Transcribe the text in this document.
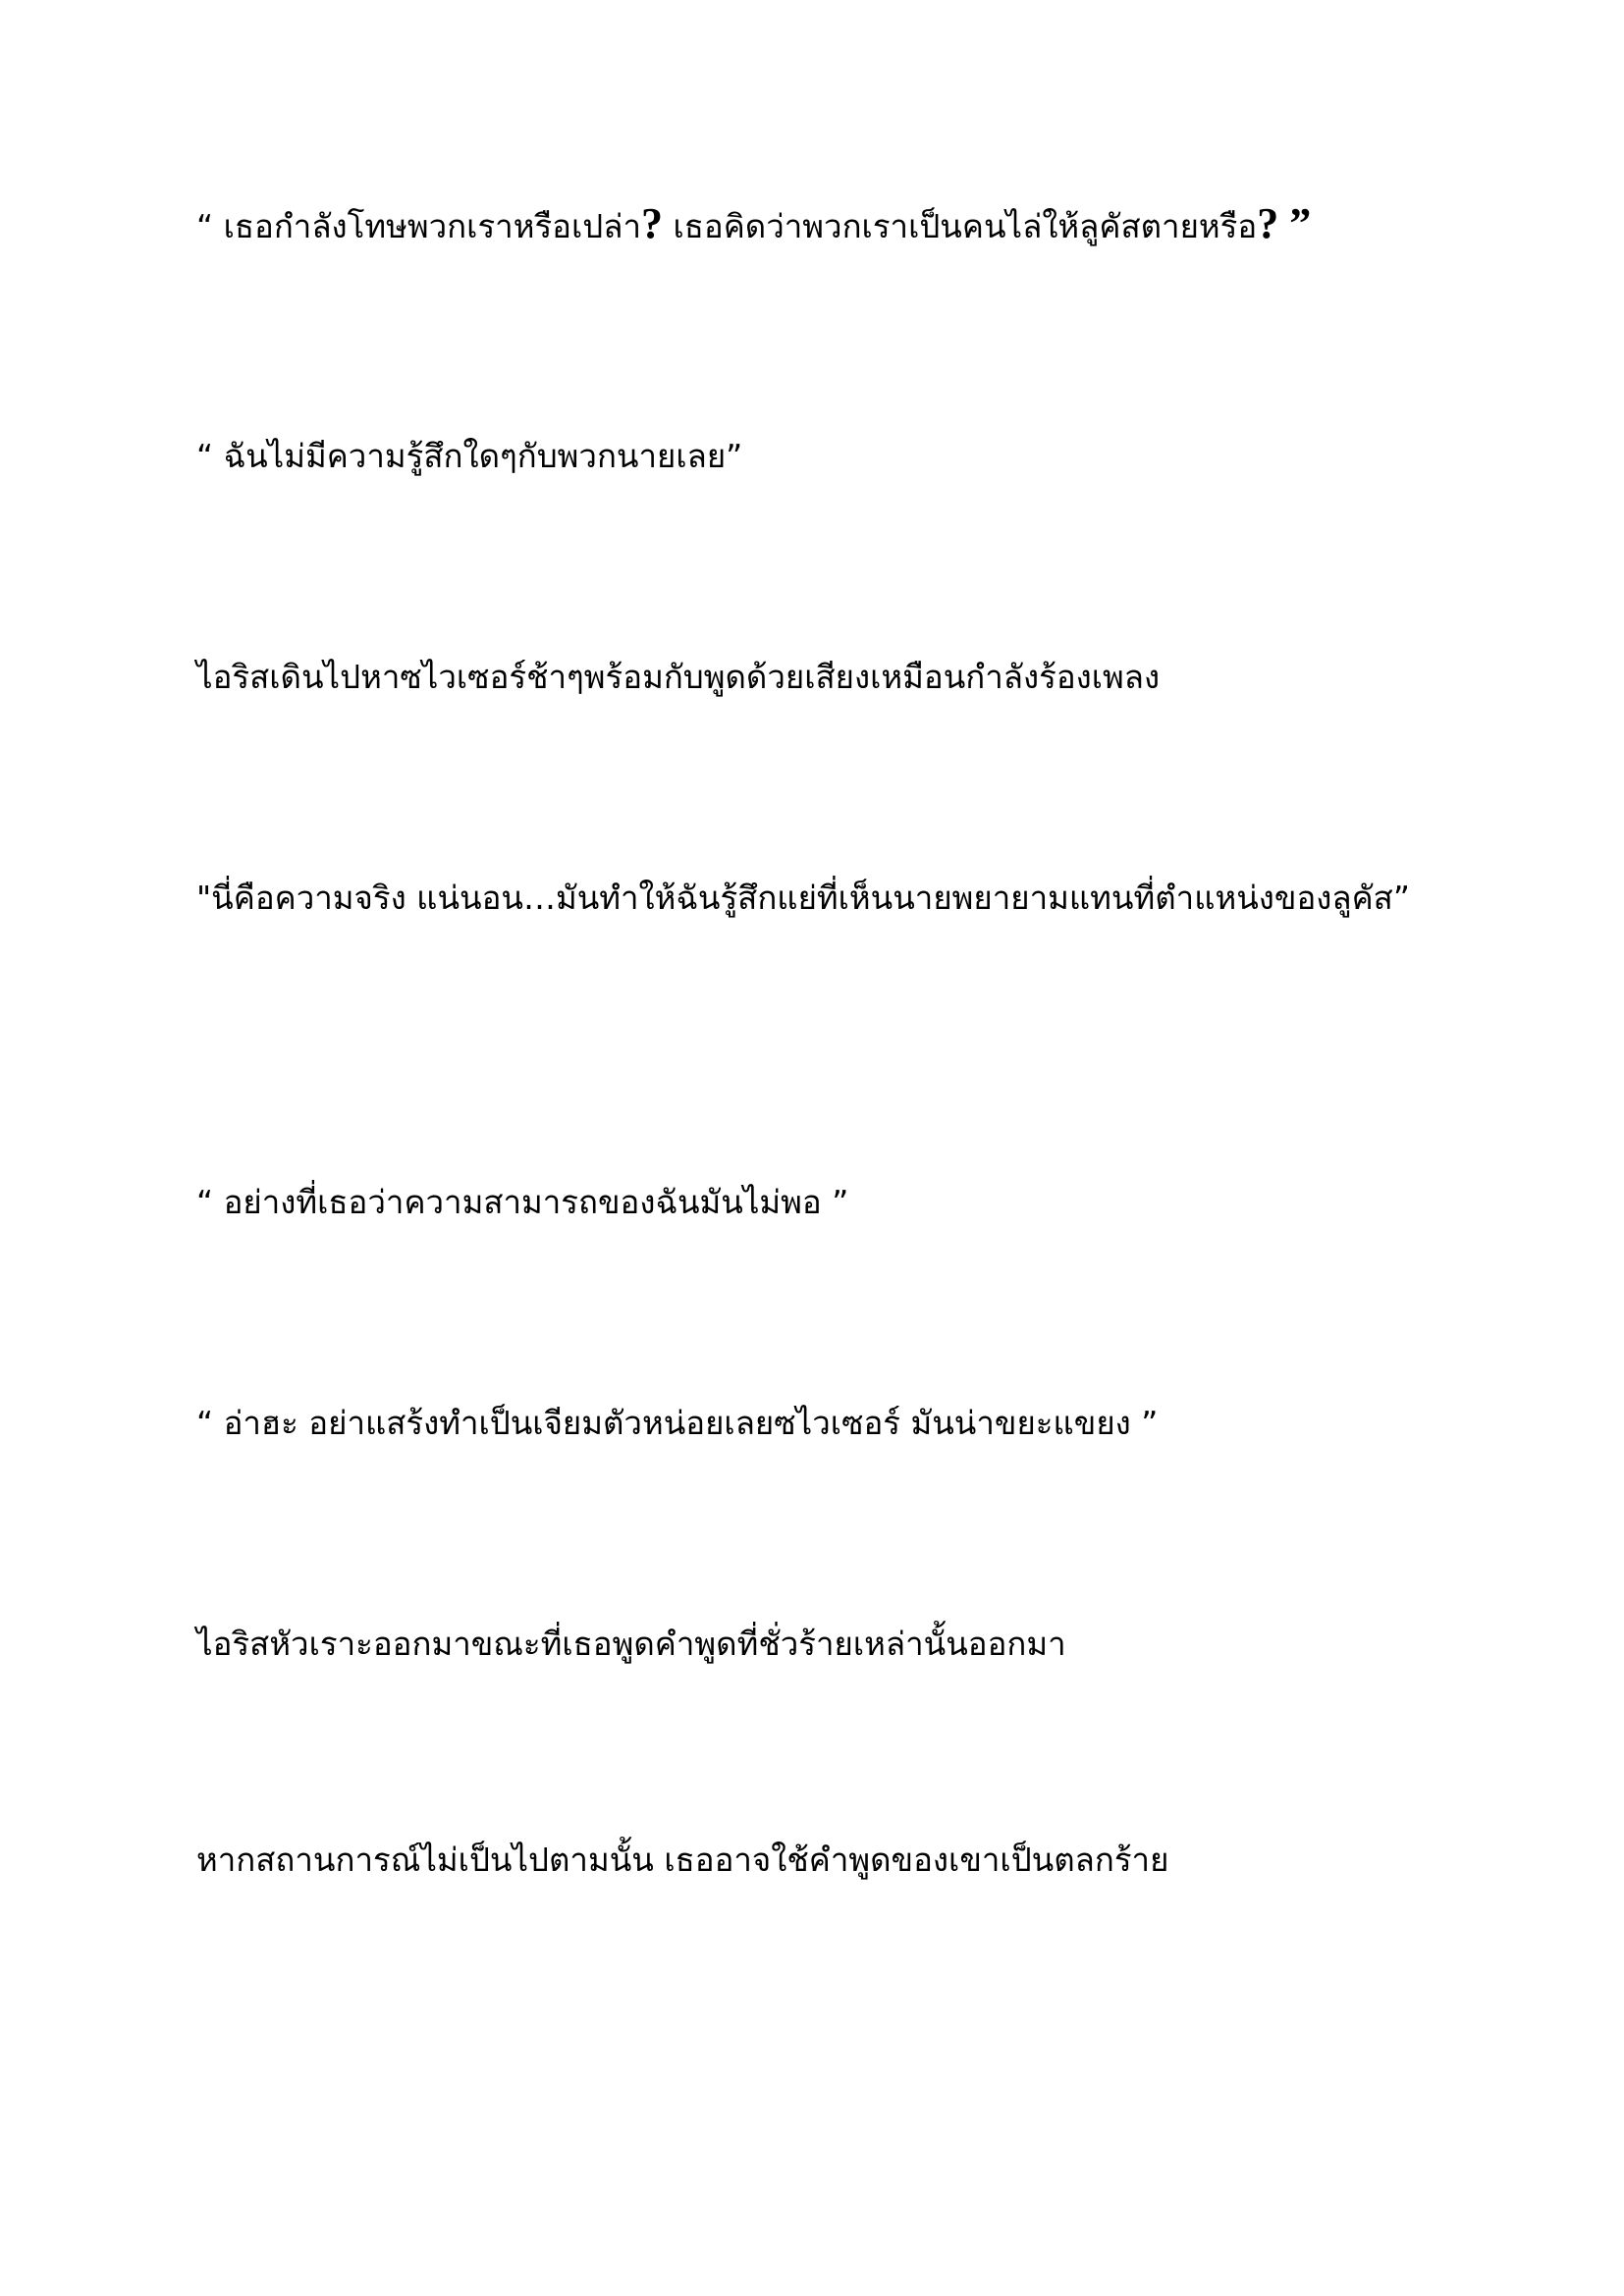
“ เธอกำลังโทษพวกเราหรือเปล่า? เธอคิดว่าพวกเราเป็นคนไล่ให้ลูคัสตายหรือ? ”

“ ฉันไม่มีความรู้สึกใดๆกับพวกนายเลย”

ไอริสเดินไปหาซไวเซอร์ช้าๆพร้อมกับพูดด้วยเสียงเหมือนกำลังร้องเพลง

"นี่คือความจริง แน่นอน…มันทำให้ฉันรู้สึกแย่ที่เห็นนายพยายามแทนที่ตำแหน่งของลูคัส”

“ อย่างที่เธอว่าความสามารถของฉันมันไม่พอ ”

“ อ่าฮะ อย่าแสร้งทำเป็นเจียมตัวหน่อยเลยซไวเซอร์ มันน่าขยะแขยง ”

ไอริสหัวเราะออกมาขณะที่เธอพูดคำพูดที่ชั่วร้ายเหล่านั้นออกมา

หากสถานการณ์ไม่เป็นไปตามนั้น เธออาจใช้คำพูดของเขาเป็นตลกร้าย
